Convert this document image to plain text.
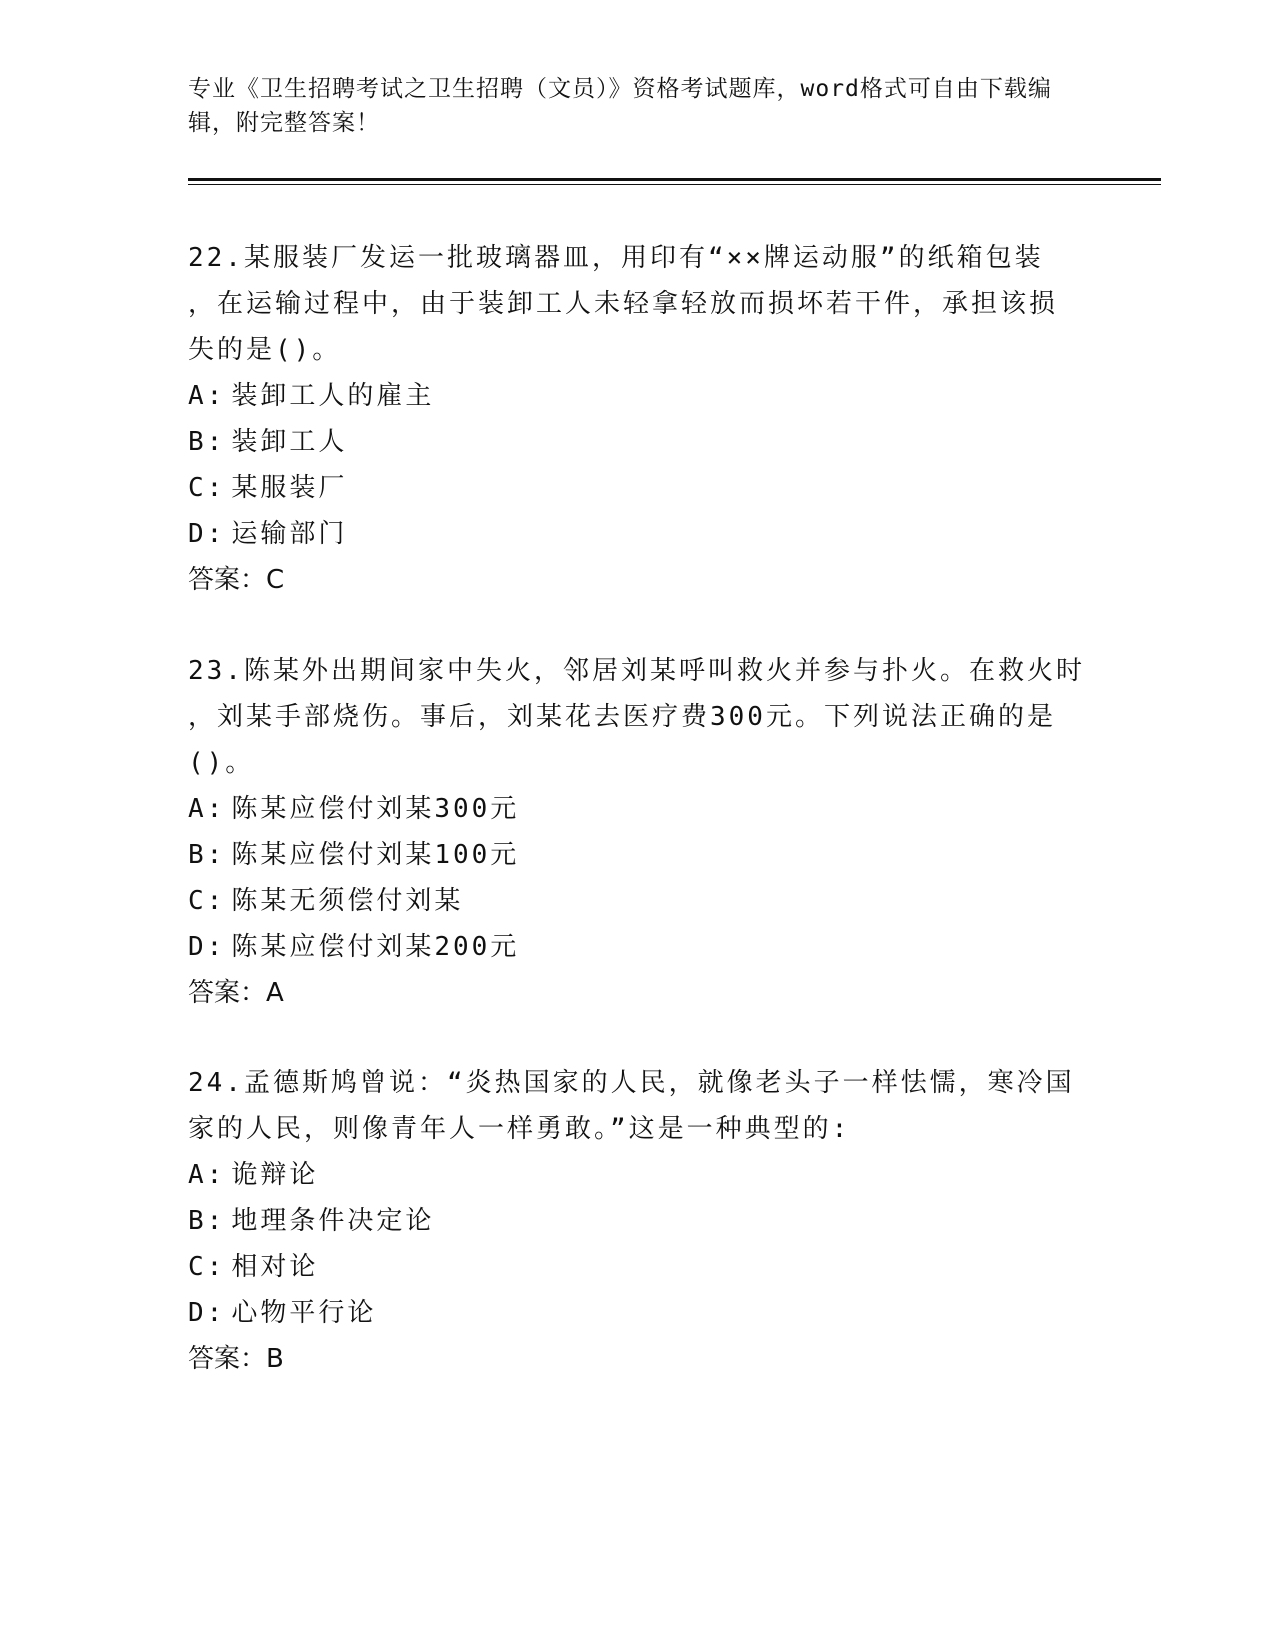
专业《卫生招聘考试之卫生招聘（文员）》资格考试题库，word格式可自由下载编辑，附完整答案！

22.某服装厂发运一批玻璃器皿，用印有“××牌运动服”的纸箱包装
，在运输过程中，由于装卸工人未轻拿轻放而损坏若干件，承担该损
失的是()。

A: 装卸工人的雇主

B: 装卸工人

C: 某服装厂

D: 运输部门

答案：C

23.陈某外出期间家中失火，邻居刘某呼叫救火并参与扑火。在救火时
，刘某手部烧伤。事后，刘某花去医疗费300元。下列说法正确的是
()。

A: 陈某应偿付刘某300元

B: 陈某应偿付刘某100元

C: 陈某无须偿付刘某

D: 陈某应偿付刘某200元

答案：A

24.孟德斯鸠曾说：“炎热国家的人民，就像老头子一样怯懦，寒冷国
家的人民，则像青年人一样勇敢。”这是一种典型的:

A: 诡辩论

B: 地理条件决定论

C: 相对论

D: 心物平行论

答案：B
